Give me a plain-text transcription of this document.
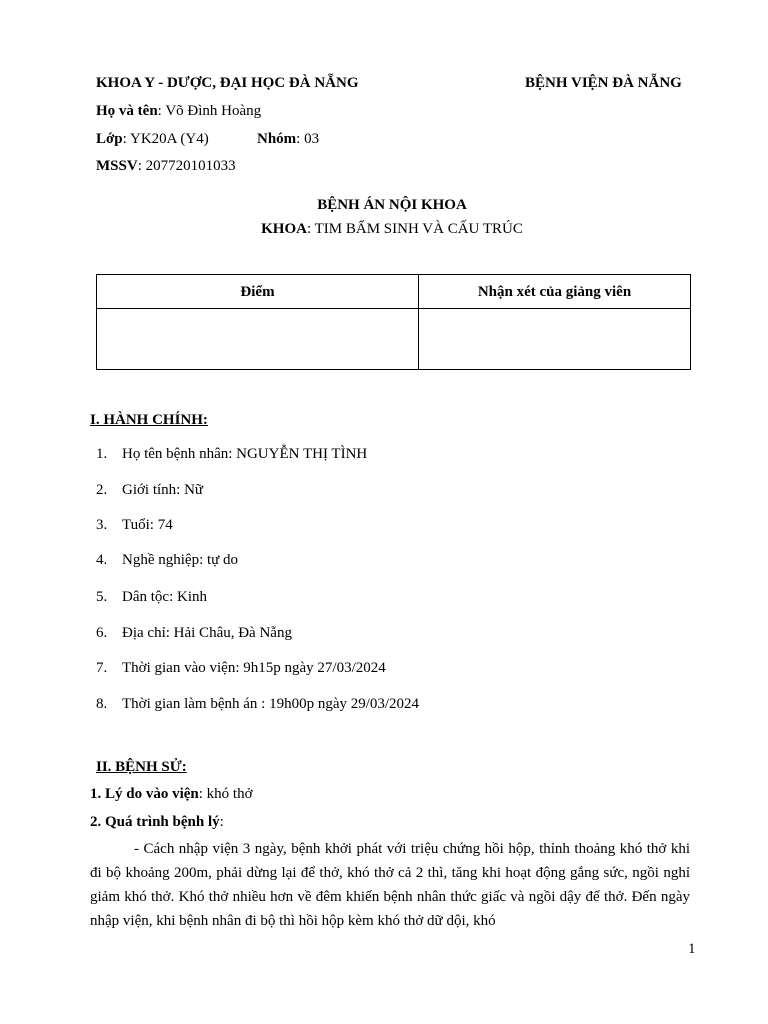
KHOA Y - DƯỢC, ĐẠI HỌC ĐÀ NẴNG	BỆNH VIỆN ĐÀ NẴNG
Họ và tên: Võ Đình Hoàng
Lớp: YK20A (Y4)	Nhóm: 03
MSSV: 207720101033
BỆNH ÁN NỘI KHOA
KHOA: TIM BẨM SINH VÀ CẤU TRÚC
Điểm	Nhận xét của giảng viên

I. HÀNH CHÍNH:
1. Họ tên bệnh nhân: NGUYỄN THỊ TÌNH
2. Giới tính: Nữ
3. Tuổi: 74
4. Nghề nghiệp: tự do
5. Dân tộc: Kinh
6. Địa chỉ: Hải Châu, Đà Nẵng
7. Thời gian vào viện: 9h15p ngày 27/03/2024
8. Thời gian làm bệnh án : 19h00p ngày 29/03/2024
II. BỆNH SỬ:
1. Lý do vào viện: khó thở
2. Quá trình bệnh lý:
- Cách nhập viện 3 ngày, bệnh khởi phát với triệu chứng hồi hộp, thỉnh thoảng khó thở khi đi bộ khoảng 200m, phải dừng lại để thở, khó thở cả 2 thì, tăng khi hoạt động gắng sức, ngồi nghỉ giảm khó thở. Khó thở nhiều hơn về đêm khiến bệnh nhân thức giấc và ngồi dậy để thở. Đến ngày nhập viện, khi bệnh nhân đi bộ thì hồi hộp kèm khó thở dữ dội, khó
1
